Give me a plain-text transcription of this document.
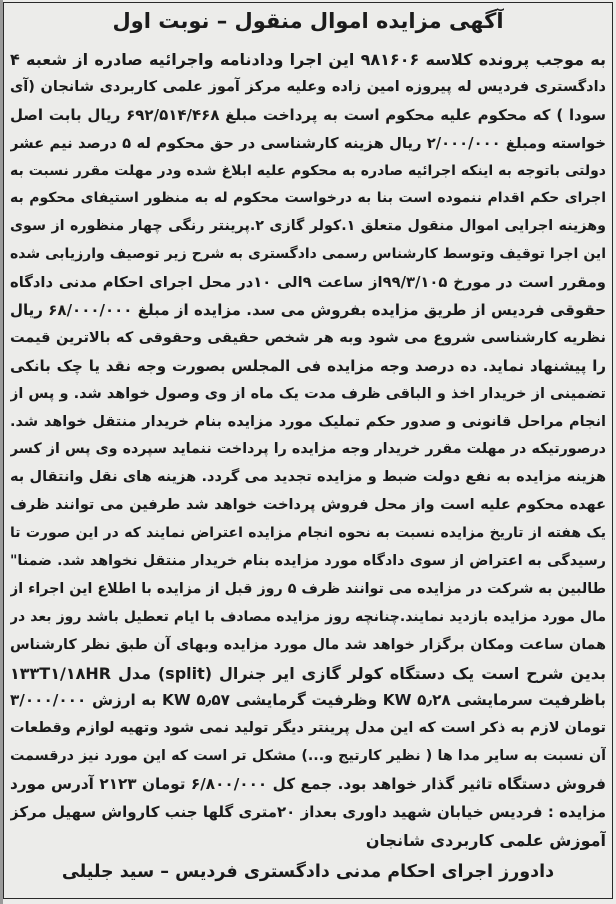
آگهی مزایده اموال منقول – نوبت اول
به موجب پرونده کلاسه ۹۸۱۶۰۶ این اجرا ودادنامه واجرائیه صادره از شعبه ۴
دادگستری فردیس له پیروزه امین زاده وعلیه مرکز آموز علمی کاربردی شانجان (آی
سودا ) که محکوم علیه محکوم است به پرداخت مبلغ ۶۹۲/۵۱۴/۴۶۸ ریال بابت اصل
خواسته ومبلغ ۲/۰۰۰/۰۰۰ ریال هزینه کارشناسی در حق محکوم له ۵ درصد نیم عشر
دولتی باتوجه به اینکه اجرائیه صادره به محکوم علیه ابلاغ شده ودر مهلت مقرر نسبت به
اجرای حکم اقدام ننموده است بنا به درخواست محکوم له به منظور استیفای محکوم به
وهزینه اجرایی اموال منقول متعلق ۱.کولر گازی ۲.پرینتر رنگی چهار منظوره از سوی
این اجرا توقیف وتوسط کارشناس رسمی دادگستری به شرح زیر توصیف وارزیابی شده
ومقرر است در مورخ ۹۹/۳/۱۰۵از ساعت ۹الی ۱۰در محل اجرای احکام مدنی دادگاه
حقوقی فردیس از طریق مزایده بفروش می سد. مزایده از مبلغ ۶۸/۰۰۰/۰۰۰ ریال
نظریه کارشناسی شروع می شود وبه هر شخص حقیقی وحقوقی که بالاترین قیمت
را پیشنهاد نماید. ده درصد وجه مزایده فی المجلس بصورت وجه نقد یا چک بانکی
تضمینی از خریدار اخذ و الباقی ظرف مدت یک ماه از وی وصول خواهد شد. و پس از
انجام مراحل قانونی و صدور حکم تملیک مورد مزایده بنام خریدار منتقل خواهد شد.
درصورتیکه در مهلت مقرر خریدار وجه مزایده را پرداخت ننماید سپرده وی پس از کسر
هزینه مزایده به نفع دولت ضبط و مزایده تجدید می گردد. هزینه های نقل وانتقال به
عهده محکوم علیه است واز محل فروش پرداخت خواهد شد طرفین می توانند ظرف
یک هفته از تاریخ مزایده نسبت به نحوه انجام مزایده اعتراض نمایند که در این صورت تا
رسیدگی به اعتراض از سوی دادگاه مورد مزایده بنام خریدار منتقل نخواهد شد. ضمنا"
طالبین به شرکت در مزایده می توانند ظرف ۵ روز قبل از مزایده با اطلاع این اجراء از
مال مورد مزایده بازدید نمایند.چنانچه روز مزایده مصادف با ایام تعطیل باشد روز بعد در
همان ساعت ومکان برگزار خواهد شد مال مورد مزایده وبهای آن طبق نظر کارشناس
بدین شرح است یک دستگاه کولر گازی ایر جنرال (split) مدل ۱۳۳T۱/۱۸HR
باظرفیت سرمایشی ۵٫۲۸ KW وظرفیت گرمایشی ۵٫۵۷ KW به ارزش ۳/۰۰۰/۰۰۰
تومان لازم به ذکر است که این مدل پرینتر دیگر تولید نمی شود وتهیه لوازم وقطعات
آن نسبت به سایر مدا ها ( نظیر کارتیج و...) مشکل تر است که این مورد نیز درقسمت
فروش دستگاه تاثیر گذار خواهد بود. جمع کل ۶/۸۰۰/۰۰۰ تومان ۲۱۲۳ آدرس مورد
مزایده : فردیس خیابان شهید داوری بعداز ۲۰متری گلها جنب کارواش سهیل مرکز
آموزش علمی کاربردی شانجان
دادورز اجرای احکام مدنی دادگستری فردیس – سید جلیلی
